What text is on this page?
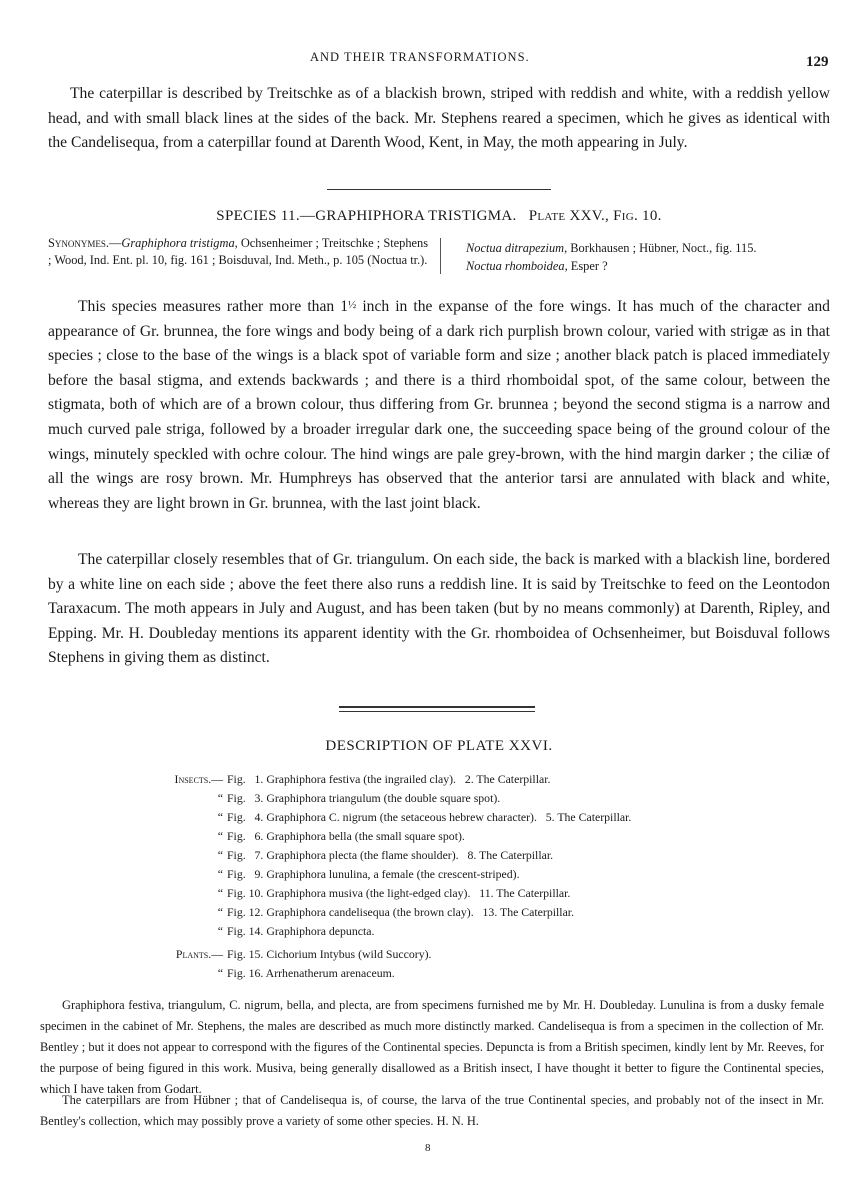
AND THEIR TRANSFORMATIONS.	129
The caterpillar is described by Treitschke as of a blackish brown, striped with reddish and white, with a reddish yellow head, and with small black lines at the sides of the back. Mr. Stephens reared a specimen, which he gives as identical with the Candelisequa, from a caterpillar found at Darenth Wood, Kent, in May, the moth appearing in July.
SPECIES 11.—GRAPHIPHORA TRISTIGMA. Plate XXV., Fig. 10.
Synonymes.—Graphiphora tristigma, Ochsenheimer ; Treitschke ; Stephens ; Wood, Ind. Ent. pl. 10, fig. 161 ; Boisduval, Ind. Meth., p. 105 (Noctua tr.).
Noctua ditrapezium, Borkhausen ; Hübner, Noct., fig. 115.
Noctua rhomboidea, Esper ?
This species measures rather more than 1½ inch in the expanse of the fore wings. It has much of the character and appearance of Gr. brunnea, the fore wings and body being of a dark rich purplish brown colour, varied with strigæ as in that species ; close to the base of the wings is a black spot of variable form and size ; another black patch is placed immediately before the basal stigma, and extends backwards ; and there is a third rhomboidal spot, of the same colour, between the stigmata, both of which are of a brown colour, thus differing from Gr. brunnea ; beyond the second stigma is a narrow and much curved pale striga, followed by a broader irregular dark one, the succeeding space being of the ground colour of the wings, minutely speckled with ochre colour. The hind wings are pale grey-brown, with the hind margin darker ; the ciliæ of all the wings are rosy brown. Mr. Humphreys has observed that the anterior tarsi are annulated with black and white, whereas they are light brown in Gr. brunnea, with the last joint black.
The caterpillar closely resembles that of Gr. triangulum. On each side, the back is marked with a blackish line, bordered by a white line on each side ; above the feet there also runs a reddish line. It is said by Treitschke to feed on the Leontodon Taraxacum. The moth appears in July and August, and has been taken (but by no means commonly) at Darenth, Ripley, and Epping. Mr. H. Doubleday mentions its apparent identity with the Gr. rhomboidea of Ochsenheimer, but Boisduval follows Stephens in giving them as distinct.
DESCRIPTION OF PLATE XXVI.
Insects.— Fig.   1. Graphiphora festiva (the ingrailed clay).   2. The Caterpillar.
“ Fig.   3. Graphiphora triangulum (the double square spot).
“ Fig.   4. Graphiphora C. nigrum (the setaceous hebrew character).   5. The Caterpillar.
“ Fig.   6. Graphiphora bella (the small square spot).
“ Fig.   7. Graphiphora plecta (the flame shoulder).   8. The Caterpillar.
“ Fig.   9. Graphiphora lunulina, a female (the crescent-striped).
“ Fig. 10. Graphiphora musiva (the light-edged clay).   11. The Caterpillar.
“ Fig. 12. Graphiphora candelisequa (the brown clay).   13. The Caterpillar.
“ Fig. 14. Graphiphora depuncta.
Plants.— Fig. 15. Cichorium Intybus (wild Succory).
“ Fig. 16. Arrhenatherum arenaceum.
Graphiphora festiva, triangulum, C. nigrum, bella, and plecta, are from specimens furnished me by Mr. H. Doubleday. Lunulina is from a dusky female specimen in the cabinet of Mr. Stephens, the males are described as much more distinctly marked. Candelisequa is from a specimen in the collection of Mr. Bentley ; but it does not appear to correspond with the figures of the Continental species. Depuncta is from a British specimen, kindly lent by Mr. Reeves, for the purpose of being figured in this work. Musiva, being generally disallowed as a British insect, I have thought it better to figure the Continental species, which I have taken from Godart.
The caterpillars are from Hübner ; that of Candelisequa is, of course, the larva of the true Continental species, and probably not of the insect in Mr. Bentley's collection, which may possibly prove a variety of some other species. H. N. H.
8
